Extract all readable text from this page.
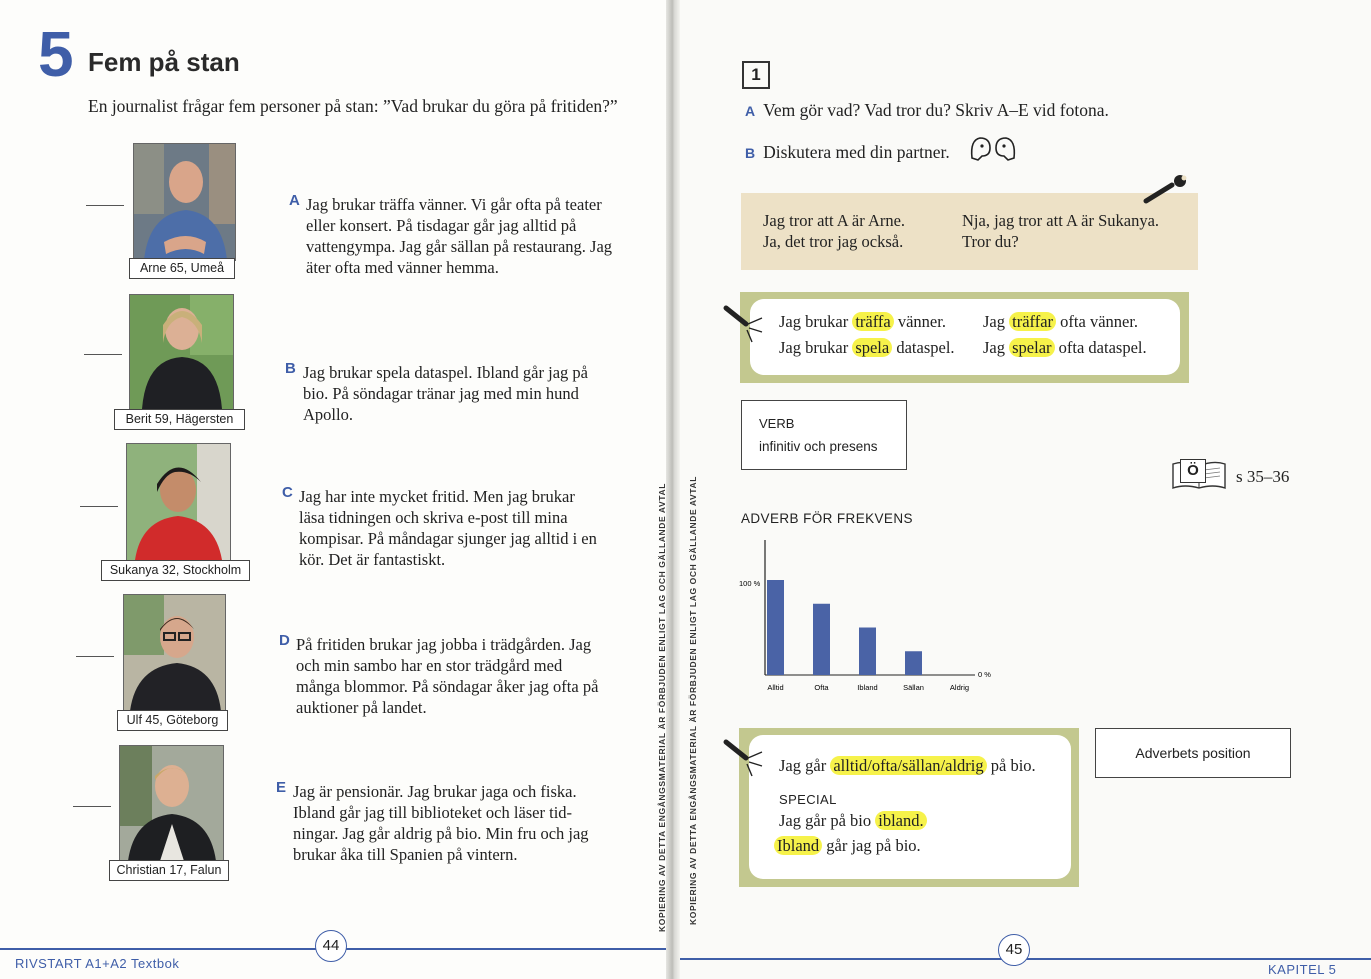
5 Fem på stan
En journalist frågar fem personer på stan: ”Vad brukar du göra på fritiden?”
Arne 65, Umeå
Berit 59, Hägersten
Sukanya 32, Stockholm
Ulf 45, Göteborg
Christian 17, Falun
A Jag brukar träffa vänner. Vi går ofta på teater
eller konsert. På tisdagar går jag alltid på
vattengympa. Jag går sällan på restaurang. Jag
äter ofta med vänner hemma.
B Jag brukar spela dataspel. Ibland går jag på
bio. På söndagar tränar jag med min hund
Apollo.
C Jag har inte mycket fritid. Men jag brukar
läsa tidningen och skriva e-post till mina
kompisar. På måndagar sjunger jag alltid i en
kör. Det är fantastiskt.
D På fritiden brukar jag jobba i trädgården. Jag
och min sambo har en stor trädgård med
många blommor. På söndagar åker jag ofta på
auktioner på landet.
E Jag är pensionär. Jag brukar jaga och fiska.
Ibland går jag till biblioteket och läser tid-
ningar. Jag går aldrig på bio. Min fru och jag
brukar åka till Spanien på vintern.
44
RIVSTART A1+A2 Textbok
KOPIERING AV DETTA ENGÅNGSMATERIAL ÄR FÖRBJUDEN ENLIGT LAG OCH GÄLLANDE AVTAL KOPIERING AV DETTA ENGÅNGSMATERIAL ÄR FÖRBJUDEN ENLIGT LAG OCH GÄLLANDE AVTAL
1
A Vem gör vad? Vad tror du? Skriv A–E vid fotona.
B Diskutera med din partner.
Jag tror att A är Arne.
Ja, det tror jag också.
Nja, jag tror att A är Sukanya.
Tror du?
Jag brukar träffa vänner.
Jag brukar spela dataspel.
Jag träffar ofta vänner.
Jag spelar ofta dataspel.
VERB
infinitiv och presens
Ö	s 35–36
ADVERB FÖR FREKVENS
Alltid	Ofta	Ibland	Sällan	Aldrig
100 %
0 %
Jag går alltid/ofta/sällan/aldrig på bio.
SPECIAL
Jag går på bio ibland.
Ibland går jag på bio.
Adverbets position
45
KAPITEL 5
